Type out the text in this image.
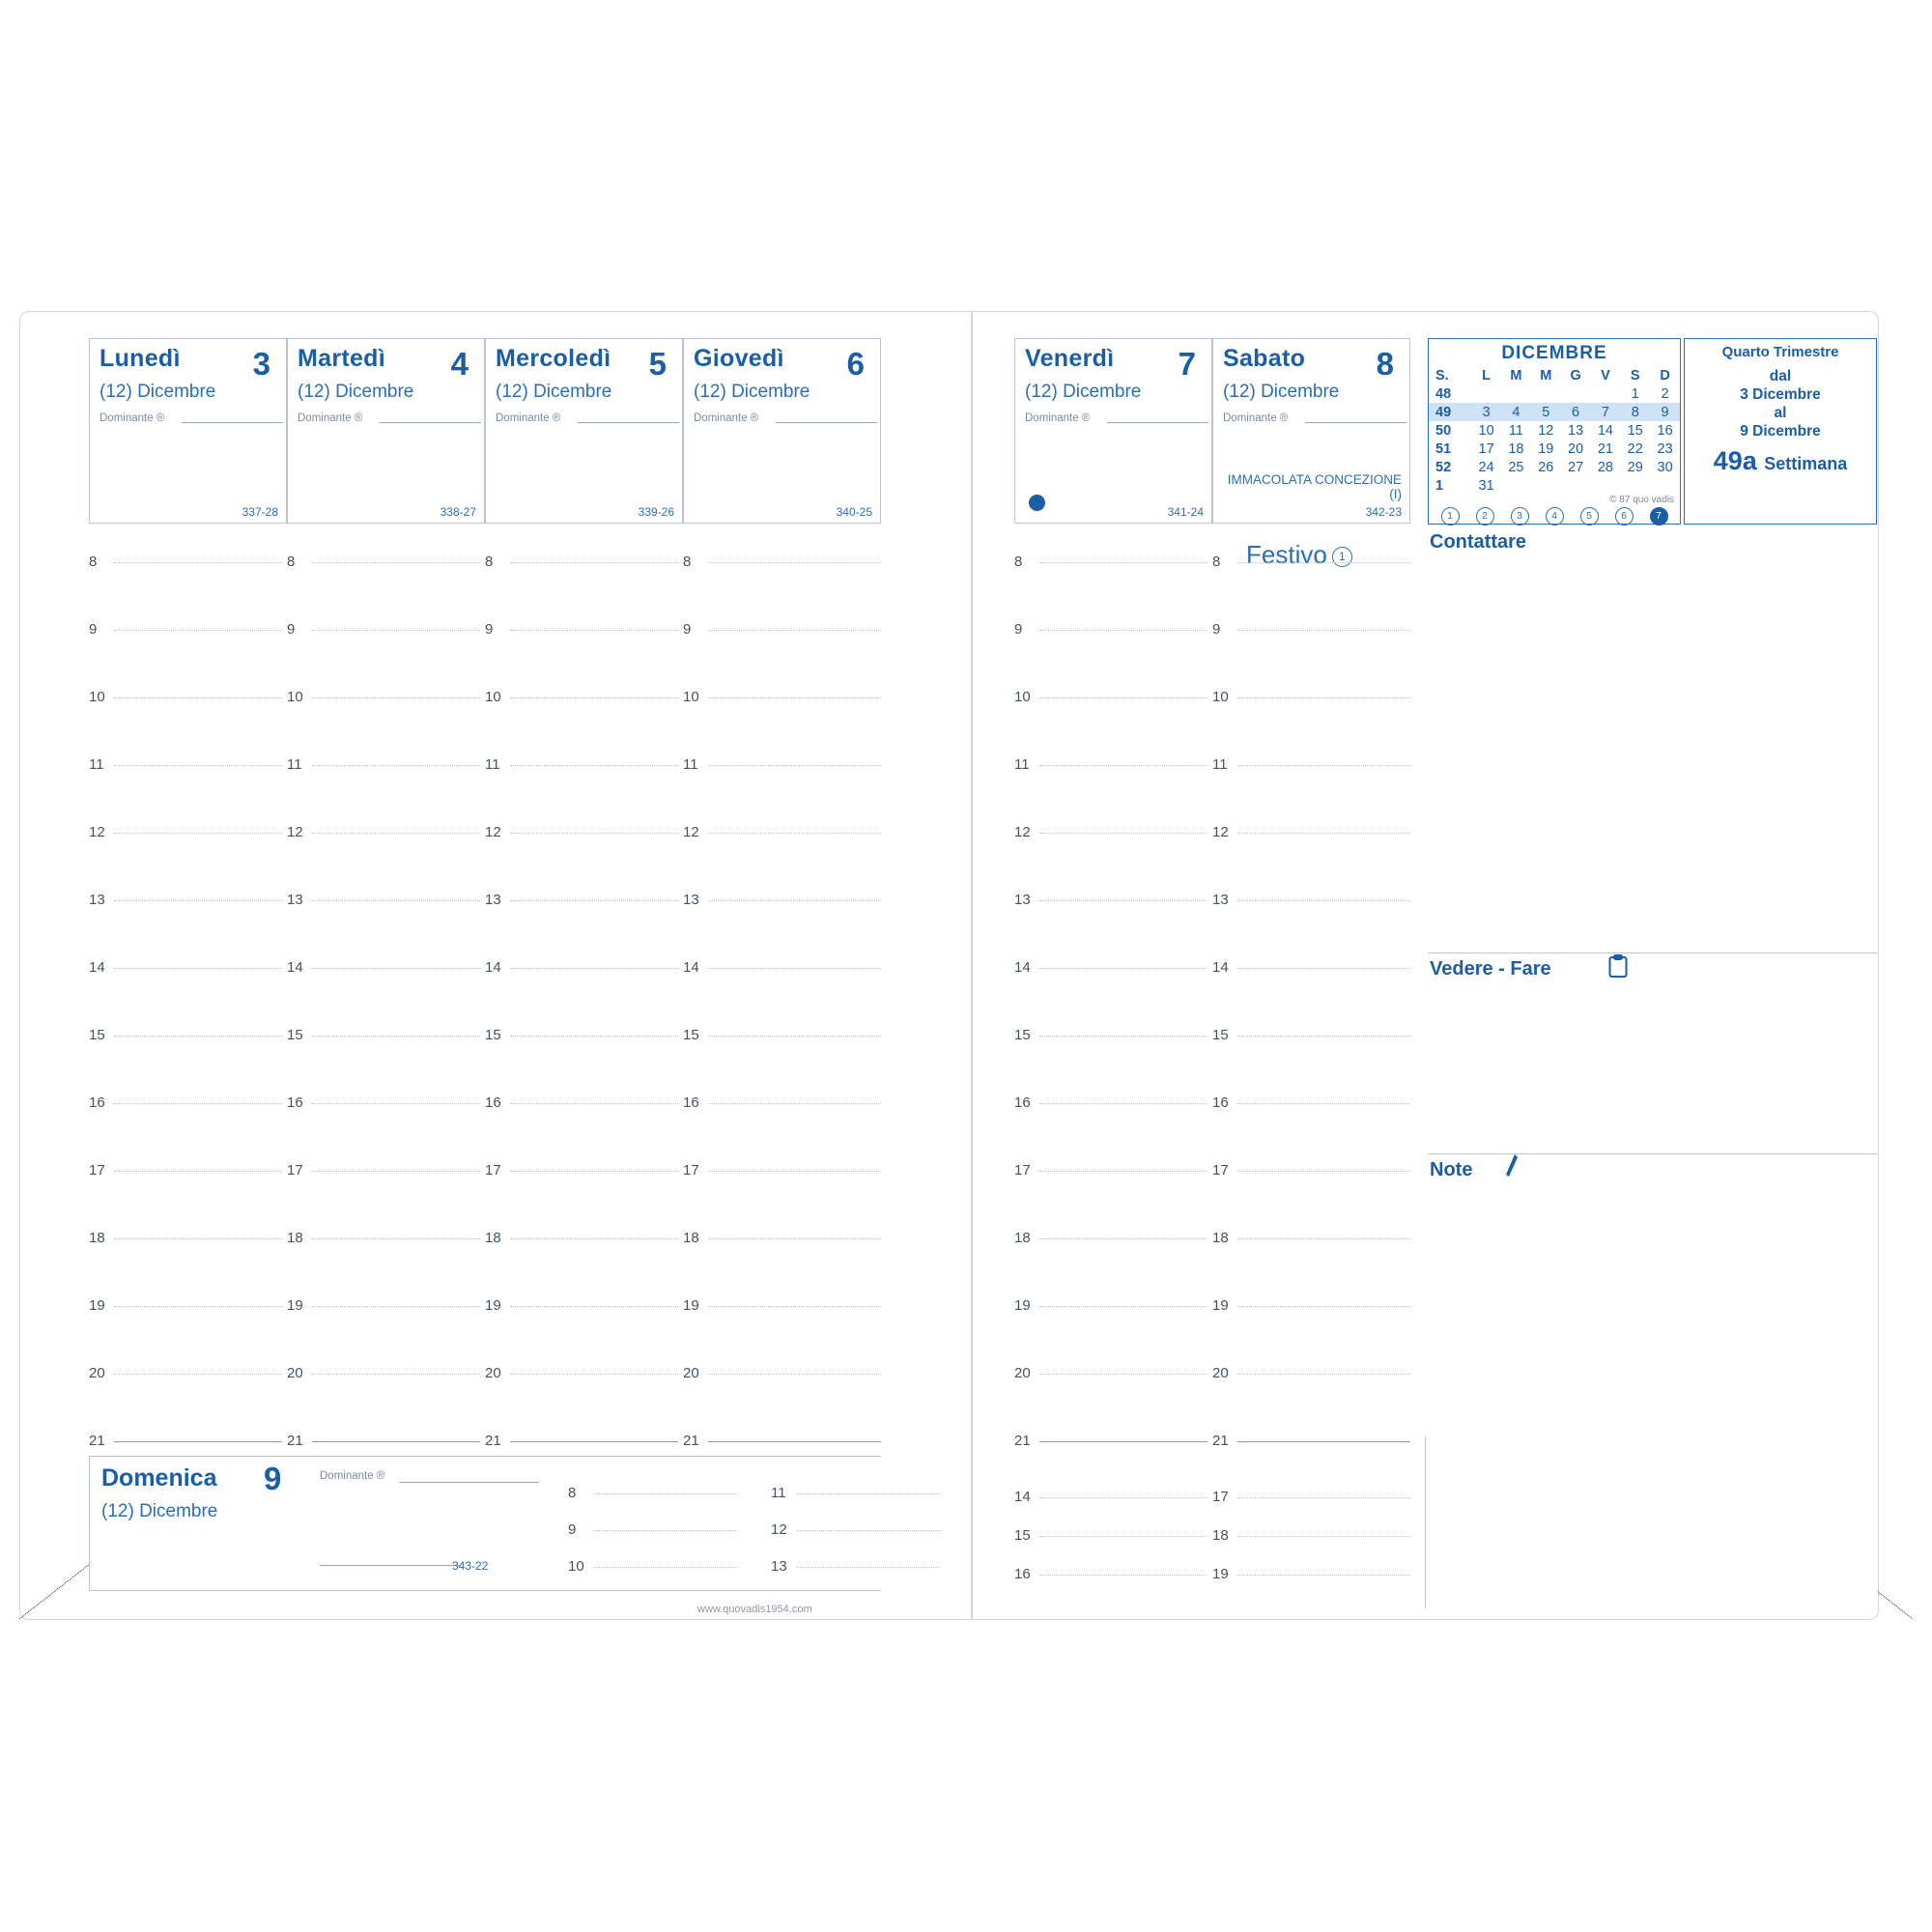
Lunedì 3
(12) Dicembre
Dominante ®
337-28
Martedì 4
(12) Dicembre
Dominante ®
338-27
Mercoledì 5
(12) Dicembre
Dominante ®
339-26
Giovedì 6
(12) Dicembre
Dominante ®
340-25
8
9
10
11
12
13
14
15
16
17
18
19
20
21
8
9
10
11
12
13
14
15
16
17
18
19
20
21
8
9
10
11
12
13
14
15
16
17
18
19
20
21
8
9
10
11
12
13
14
15
16
17
18
19
20
21
Domenica 9
(12) Dicembre
Dominante ®
343-22
8
9
10
11
12
13
www.quovadis1954.com
Venerdì 7
(12) Dicembre
Dominante ®
341-24
Sabato 8
(12) Dicembre
Dominante ®
IMMACOLATA CONCEZIONE (I)
342-23
Festivo 1
8
9
10
11
12
13
14
15
16
17
18
19
20
21
8
9
10
11
12
13
14
15
16
17
18
19
20
21
14
15
16
17
18
19
DICEMBRE
S.	L	M	M	G	V	S	D
48						1	2
49	3	4	5	6	7	8	9
50	10	11	12	13	14	15	16
51	17	18	19	20	21	22	23
52	24	25	26	27	28	29	30
1	31						
© 87 quo vadis
1	2	3	4	5	6	7
Quarto Trimestre
dal
3 Dicembre
al
9 Dicembre
49a Settimana
Contattare
Vedere - Fare
Note
